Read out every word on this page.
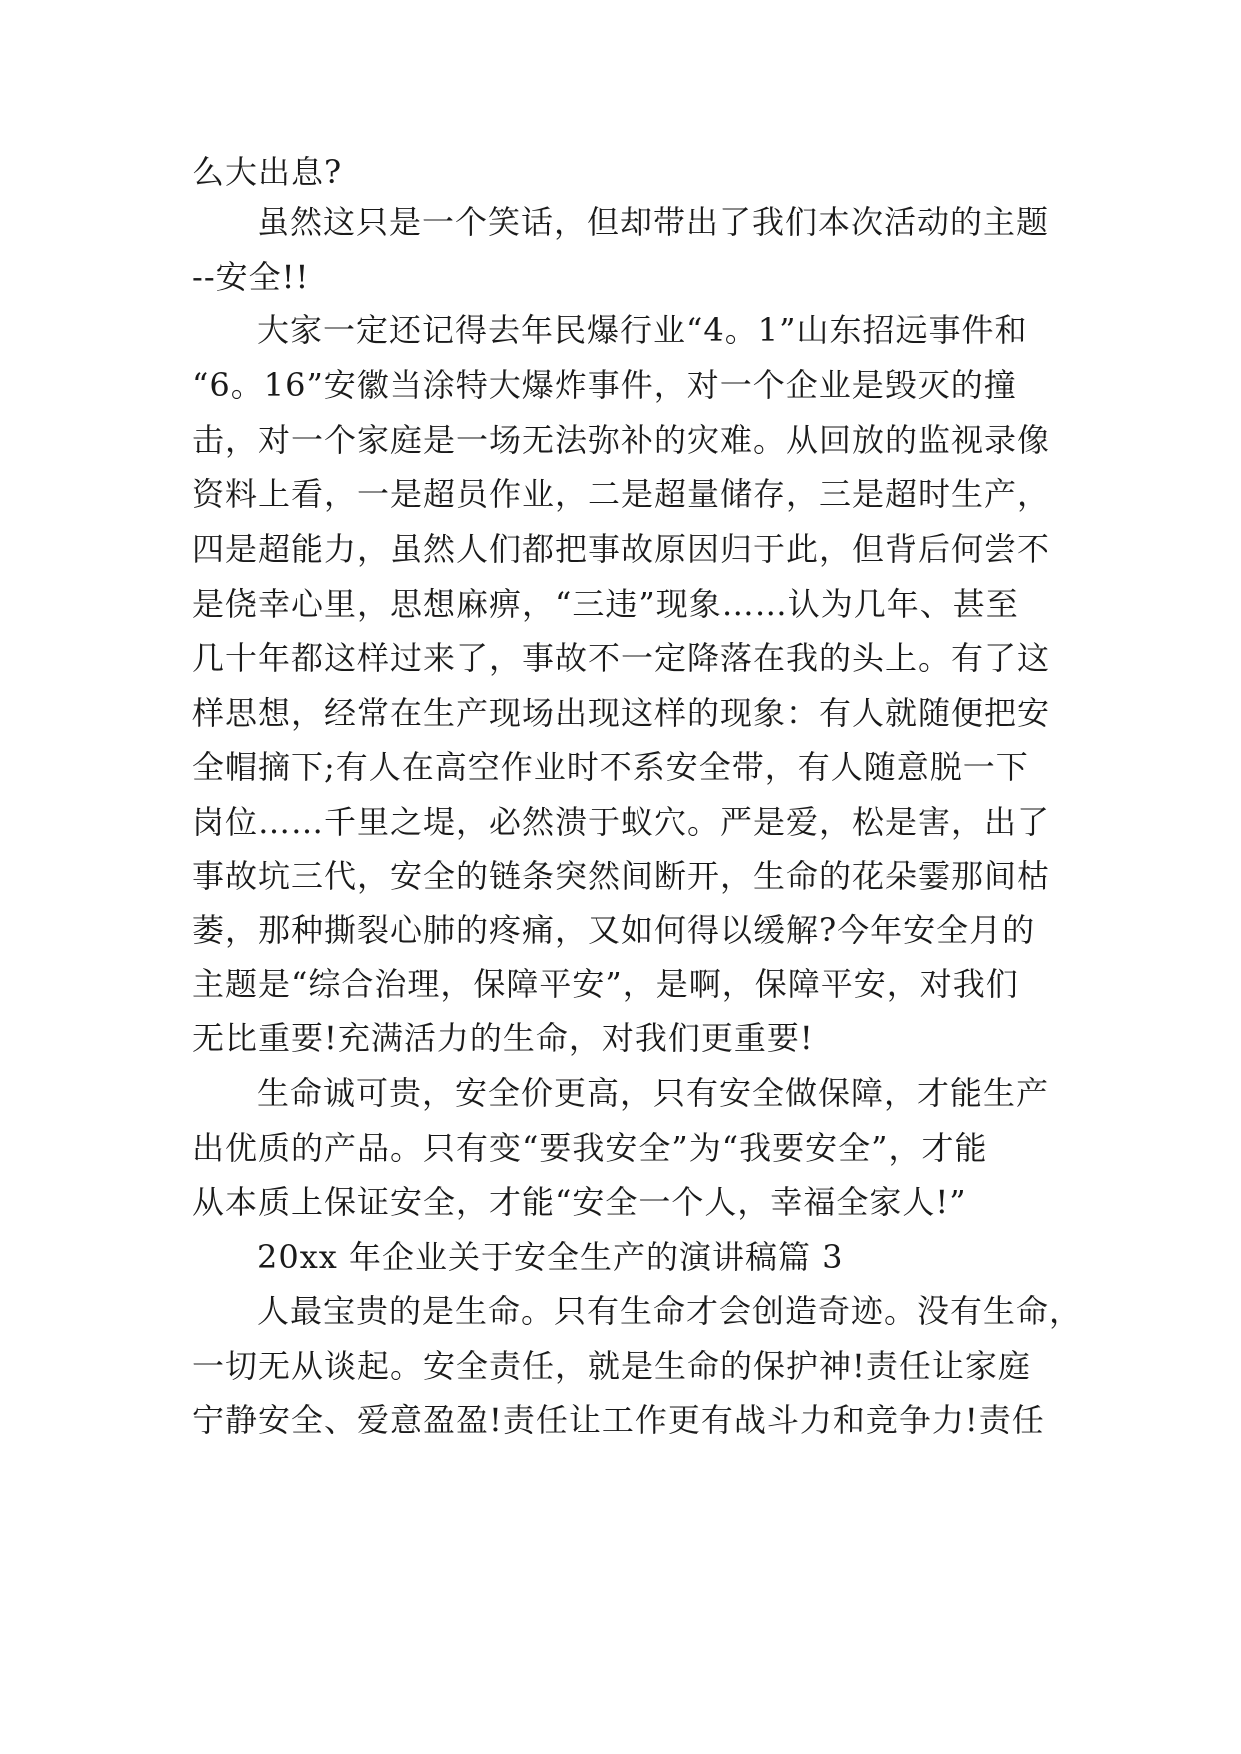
么大出息?
虽然这只是一个笑话，但却带出了我们本次活动的主题
--安全!!
大家一定还记得去年民爆行业“4。1”山东招远事件和
“6。16”安徽当涂特大爆炸事件，对一个企业是毁灭的撞
击，对一个家庭是一场无法弥补的灾难。从回放的监视录像
资料上看，一是超员作业，二是超量储存，三是超时生产，
四是超能力，虽然人们都把事故原因归于此，但背后何尝不
是侥幸心里，思想麻痹，“三违”现象……认为几年、甚至
几十年都这样过来了，事故不一定降落在我的头上。有了这
样思想，经常在生产现场出现这样的现象：有人就随便把安
全帽摘下;有人在高空作业时不系安全带，有人随意脱一下
岗位……千里之堤，必然溃于蚁穴。严是爱，松是害，出了
事故坑三代，安全的链条突然间断开，生命的花朵霎那间枯
萎，那种撕裂心肺的疼痛，又如何得以缓解?今年安全月的
主题是“综合治理，保障平安”，是啊，保障平安，对我们
无比重要!充满活力的生命，对我们更重要!
生命诚可贵，安全价更高，只有安全做保障，才能生产
出优质的产品。只有变“要我安全”为“我要安全”，才能
从本质上保证安全，才能“安全一个人，幸福全家人!”
20xx 年企业关于安全生产的演讲稿篇 3
人最宝贵的是生命。只有生命才会创造奇迹。没有生命，
一切无从谈起。安全责任，就是生命的保护神!责任让家庭
宁静安全、爱意盈盈!责任让工作更有战斗力和竞争力!责任
